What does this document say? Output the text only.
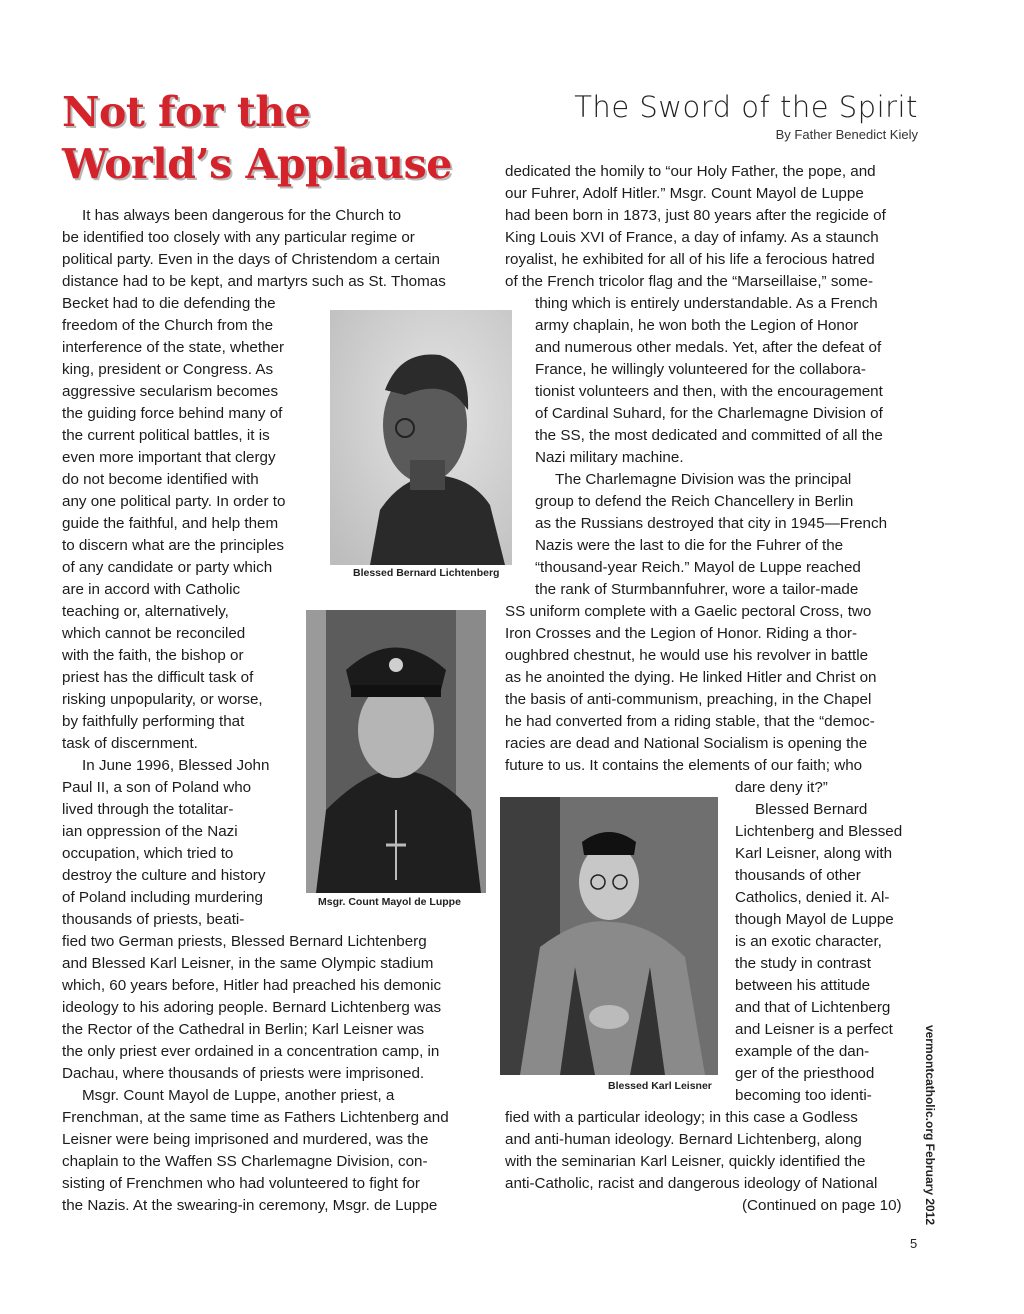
Not for the
World’s Applause
The Sword of the Spirit
By Father Benedict Kiely
It has always been dangerous for the Church to
be identified too closely with any particular regime or
political party. Even in the days of Christendom a certain
distance had to be kept, and martyrs such as St. Thomas
Becket had to die defending the
freedom of the Church from the
interference of the state, whether
king, president or Congress. As
aggressive secularism becomes
the guiding force behind many of
the current political battles, it is
even more important that clergy
do not become identified with
any one political party. In order to
guide the faithful, and help them
to discern what are the principles
of any candidate or party which
are in accord with Catholic
teaching or, alternatively,
which cannot be reconciled
with the faith, the bishop or
priest has the difficult task of
risking unpopularity, or worse,
by faithfully performing that
task of discernment.
In June 1996, Blessed John
Paul II, a son of Poland who
lived through the totalitar-
ian oppression of the Nazi
occupation, which tried to
destroy the culture and history
of Poland including murdering
thousands of priests, beati-
fied two German priests, Blessed Bernard Lichtenberg
and Blessed Karl Leisner, in the same Olympic stadium
which, 60 years before, Hitler had preached his demonic
ideology to his adoring people. Bernard Lichtenberg was
the Rector of the Cathedral in Berlin; Karl Leisner was
the only priest ever ordained in a concentration camp, in
Dachau, where thousands of priests were imprisoned.
Msgr. Count Mayol de Luppe, another priest, a
Frenchman, at the same time as Fathers Lichtenberg and
Leisner were being imprisoned and murdered, was the
chaplain to the Waffen SS Charlemagne Division, con-
sisting of Frenchmen who had volunteered to fight for
the Nazis. At the swearing-in ceremony, Msgr. de Luppe
dedicated the homily to “our Holy Father, the pope, and
our Fuhrer, Adolf Hitler.” Msgr. Count Mayol de Luppe
had been born in 1873, just 80 years after the regicide of
King Louis XVI of France, a day of infamy. As a staunch
royalist, he exhibited for all of his life a ferocious hatred
of the French tricolor flag and the “Marseillaise,” some-
thing which is entirely understandable. As a French
army chaplain, he won both the Legion of Honor
and numerous other medals. Yet, after the defeat of
France, he willingly volunteered for the collabora-
tionist volunteers and then, with the encouragement
of Cardinal Suhard, for the Charlemagne Division of
the SS, the most dedicated and committed of all the
Nazi military machine.
The Charlemagne Division was the principal
group to defend the Reich Chancellery in Berlin
as the Russians destroyed that city in 1945—French
Nazis were the last to die for the Fuhrer of the
“thousand-year Reich.” Mayol de Luppe reached
the rank of Sturmbannfuhrer, wore a tailor-made
SS uniform complete with a Gaelic pectoral Cross, two
Iron Crosses and the Legion of Honor. Riding a thor-
oughbred chestnut, he would use his revolver in battle
as he anointed the dying. He linked Hitler and Christ on
the basis of anti-communism, preaching, in the Chapel
he had converted from a riding stable, that the “democ-
racies are dead and National Socialism is opening the
future to us. It contains the elements of our faith; who
dare deny it?”
Blessed Bernard
Lichtenberg and Blessed
Karl Leisner, along with
thousands of other
Catholics, denied it. Al-
though Mayol de Luppe
is an exotic character,
the study in contrast
between his attitude
and that of Lichtenberg
and Leisner is a perfect
example of the dan-
ger of the priesthood
becoming too identi-
fied with a particular ideology; in this case a Godless
and anti-human ideology. Bernard Lichtenberg, along
with the seminarian Karl Leisner, quickly identified the
anti-Catholic, racist and dangerous ideology of National
(Continued on page 10)
Blessed Bernard Lichtenberg
Msgr. Count Mayol de Luppe
Blessed Karl Leisner	vermontcatholic.org February 2012
5
